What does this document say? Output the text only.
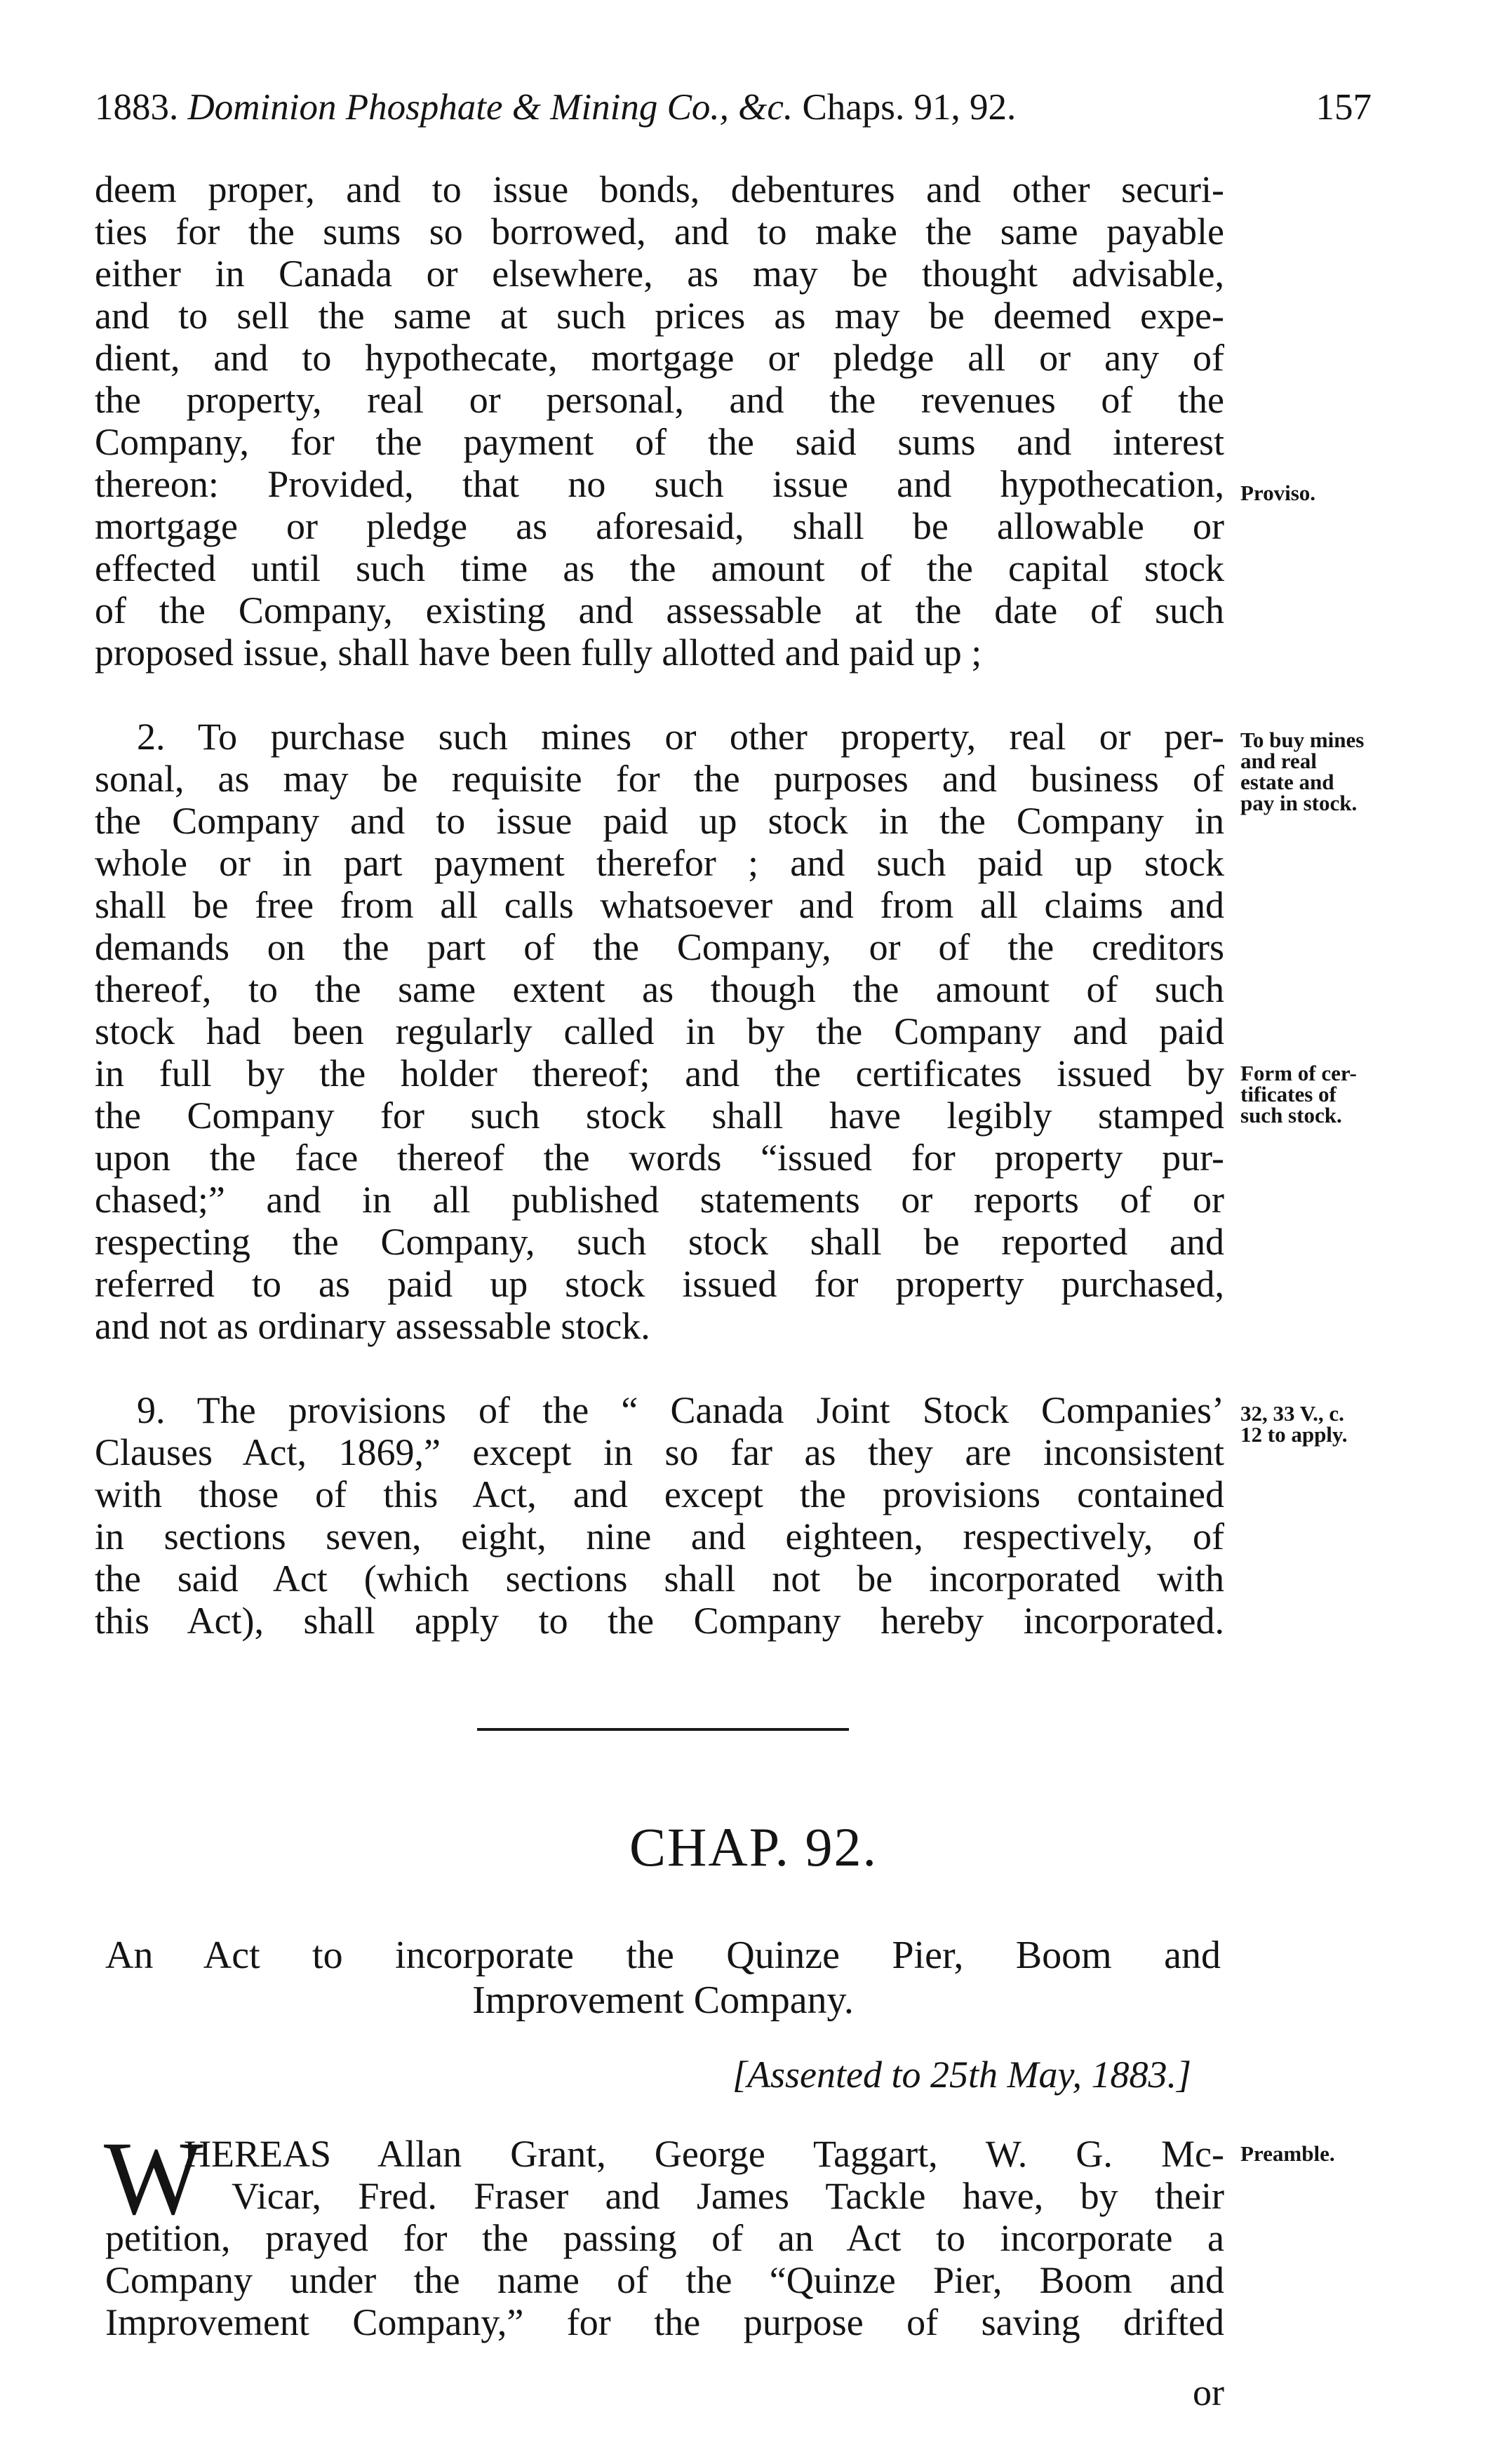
1883. Dominion Phosphate & Mining Co., &c. Chaps. 91, 92.	157
deem proper, and to issue bonds, debentures and other securi-
ties for the sums so borrowed, and to make the same payable
either in Canada or elsewhere, as may be thought advisable,
and to sell the same at such prices as may be deemed expe-
dient, and to hypothecate, mortgage or pledge all or any of
the property, real or personal, and the revenues of the
Company, for the payment of the said sums and interest
thereon: Provided, that no such issue and hypothecation,
mortgage or pledge as aforesaid, shall be allowable or
effected until such time as the amount of the capital stock
of the Company, existing and assessable at the date of such
proposed issue, shall have been fully allotted and paid up ;
Proviso.
2. To purchase such mines or other property, real or per-
sonal, as may be requisite for the purposes and business of
the Company and to issue paid up stock in the Company in
whole or in part payment therefor ; and such paid up stock
shall be free from all calls whatsoever and from all claims and
demands on the part of the Company, or of the creditors
thereof, to the same extent as though the amount of such
stock had been regularly called in by the Company and paid
in full by the holder thereof; and the certificates issued by
the Company for such stock shall have legibly stamped
upon the face thereof the words “issued for property pur-
chased;” and in all published statements or reports of or
respecting the Company, such stock shall be reported and
referred to as paid up stock issued for property purchased,
and not as ordinary assessable stock.
To buy mines
and real
estate and
pay in stock.
Form of cer-
tificates of
such stock.
9. The provisions of the “ Canada Joint Stock Companies’
Clauses Act, 1869,” except in so far as they are inconsistent
with those of this Act, and except the provisions contained
in sections seven, eight, nine and eighteen, respectively, of
the said Act (which sections shall not be incorporated with
this Act), shall apply to the Company hereby incorporated.
32, 33 V., c.
12 to apply.
CHAP. 92.
An Act to incorporate the Quinze Pier, Boom and
Improvement Company.
[Assented to 25th May, 1883.]
W
HEREAS Allan Grant, George Taggart, W. G. Mc-
Vicar, Fred. Fraser and James Tackle have, by their
petition, prayed for the passing of an Act to incorporate a
Company under the name of the “Quinze Pier, Boom and
Improvement Company,” for the purpose of saving drifted
or
Preamble.
